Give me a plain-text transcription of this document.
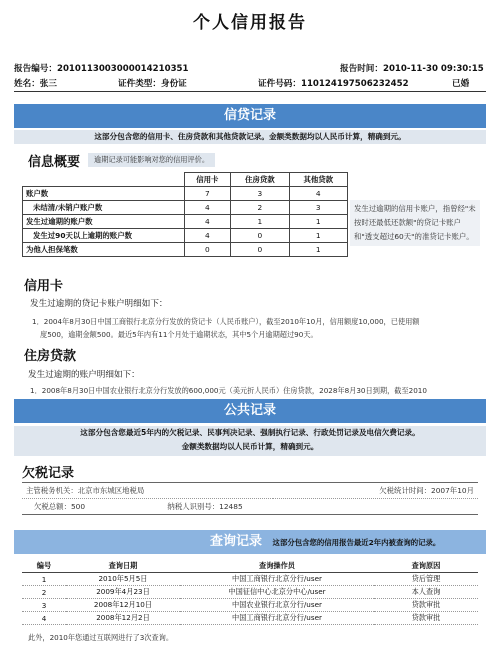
个人信用报告
报告编号：2010113003000014210351	报告时间：2010-11-30 09:30:15
姓名：张三	证件类型：身份证	证件号码：110124197506232452	已婚
信贷记录
这部分包含您的信用卡、住房贷款和其他贷款记录。金额类数据均以人民币计算，精确到元。
信息概要	逾期记录可能影响对您的信用评价。
	信用卡	住房贷款	其他贷款
账户数	7	3	4
未结清/未销户账户数	4	2	3
发生过逾期的账户数	4	1	1
发生过90天以上逾期的账户数	4	0	1
为他人担保笔数	0	0	1
发生过逾期的信用卡账户，指曾经"未按时还最低还款额"的贷记卡账户和"透支超过60天"的准贷记卡账户。
信用卡
发生过逾期的贷记卡账户明细如下：
1．2004年8月30日中国工商银行北京分行发放的贷记卡（人民币账户），截至2010年10月，信用额度10,000，已使用额
度500，逾期金额500。最近5年内有11个月处于逾期状态，其中5个月逾期超过90天。
住房贷款
发生过逾期的账户明细如下：
1．2008年8月30日中国农业银行北京分行发放的600,000元（美元折人民币）住房贷款，2028年8月30日到期，截至2010
公共记录
这部分包含您最近5年内的欠税记录、民事判决记录、强制执行记录、行政处罚记录及电信欠费记录。
金额类数据均以人民币计算，精确到元。
欠税记录
主管税务机关：北京市东城区地税局	欠税统计时间：2007年10月
欠税总额：500	纳税人识别号：12485
查询记录 这部分包含您的信用报告最近2年内被查询的记录。
编号	查询日期	查询操作员	查询原因
1	2010年5月5日	中国工商银行北京分行/user	贷后管理
2	2009年4月23日	中国征信中心北京分中心/user	本人查询
3	2008年12月10日	中国农业银行北京分行/user	贷款审批
4	2008年12月2日	中国工商银行北京分行/user	贷款审批
此外，2010年您通过互联网进行了3次查询。
